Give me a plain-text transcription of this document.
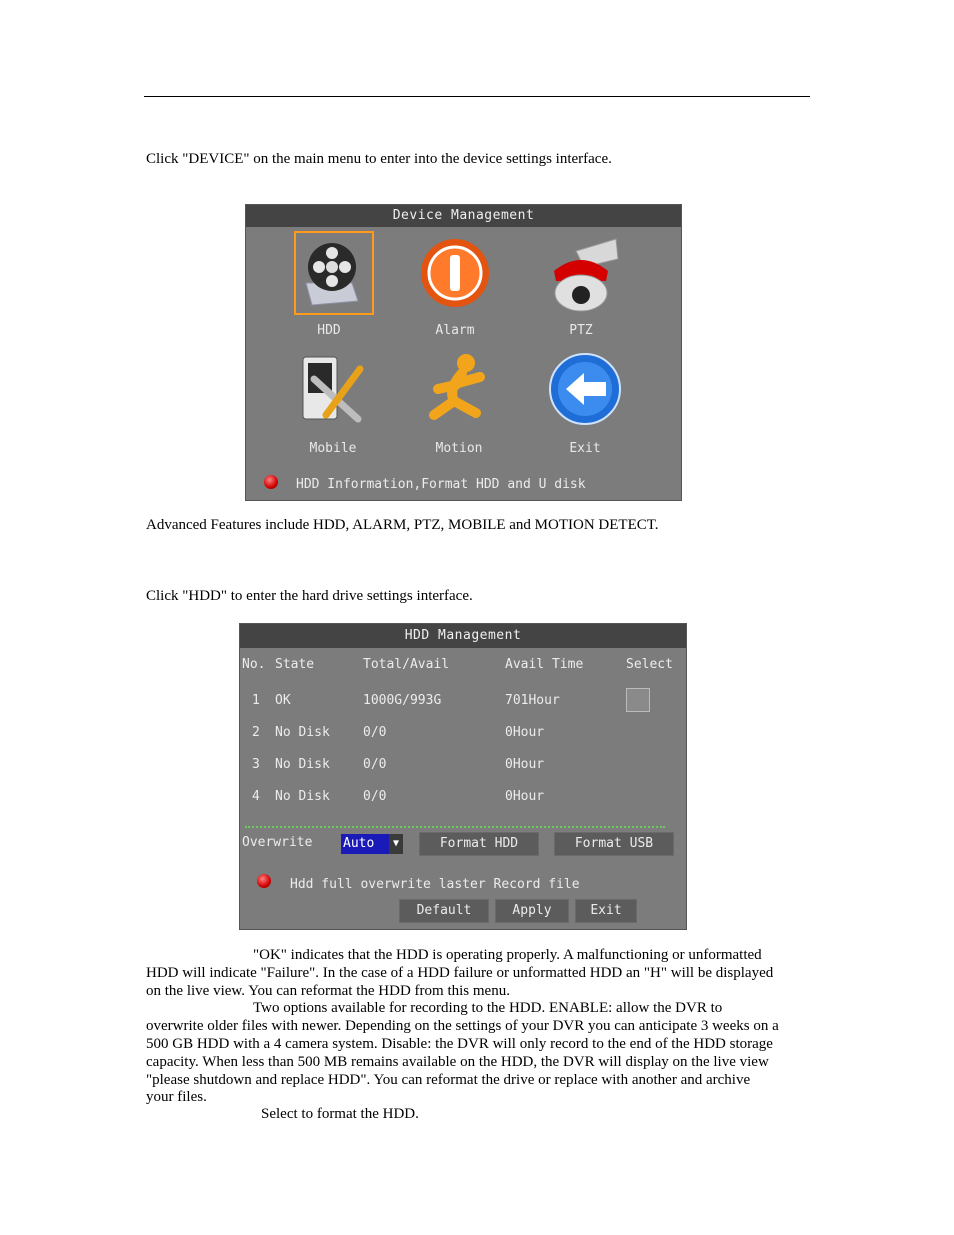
Click "DEVICE" on the main menu to enter into the device settings interface.

Device Management
HDD	Alarm	PTZ
Mobile	Motion	Exit
HDD Information,Format HDD and U disk

Advanced Features include HDD, ALARM, PTZ, MOBILE and MOTION DETECT.

Click "HDD" to enter the hard drive settings interface.

HDD Management
No. State	Total/Avail	Avail Time	Select
1 OK	1000G/993G	701Hour
2 No Disk	0/0	0Hour
3 No Disk	0/0	0Hour
4 No Disk	0/0	0Hour
Overwrite Auto	▼	Format HDD	Format USB
Hdd full overwrite laster Record file
Default	Apply	Exit

"OK" indicates that the HDD is operating properly. A malfunctioning or unformatted

HDD will indicate "Failure". In the case of a HDD failure or unformatted HDD an "H" will be displayed on the live view. You can reformat the HDD from this menu.

Two options available for recording to the HDD. ENABLE: allow the DVR to

overwrite older files with newer. Depending on the settings of your DVR you can anticipate 3 weeks on a 500 GB HDD with a 4 camera system. Disable: the DVR will only record to the end of the HDD storage capacity. When less than 500 MB remains available on the HDD, the DVR will display on the live view "please shutdown and replace HDD". You can reformat the drive or replace with another and archive your files.

Select to format the HDD.
